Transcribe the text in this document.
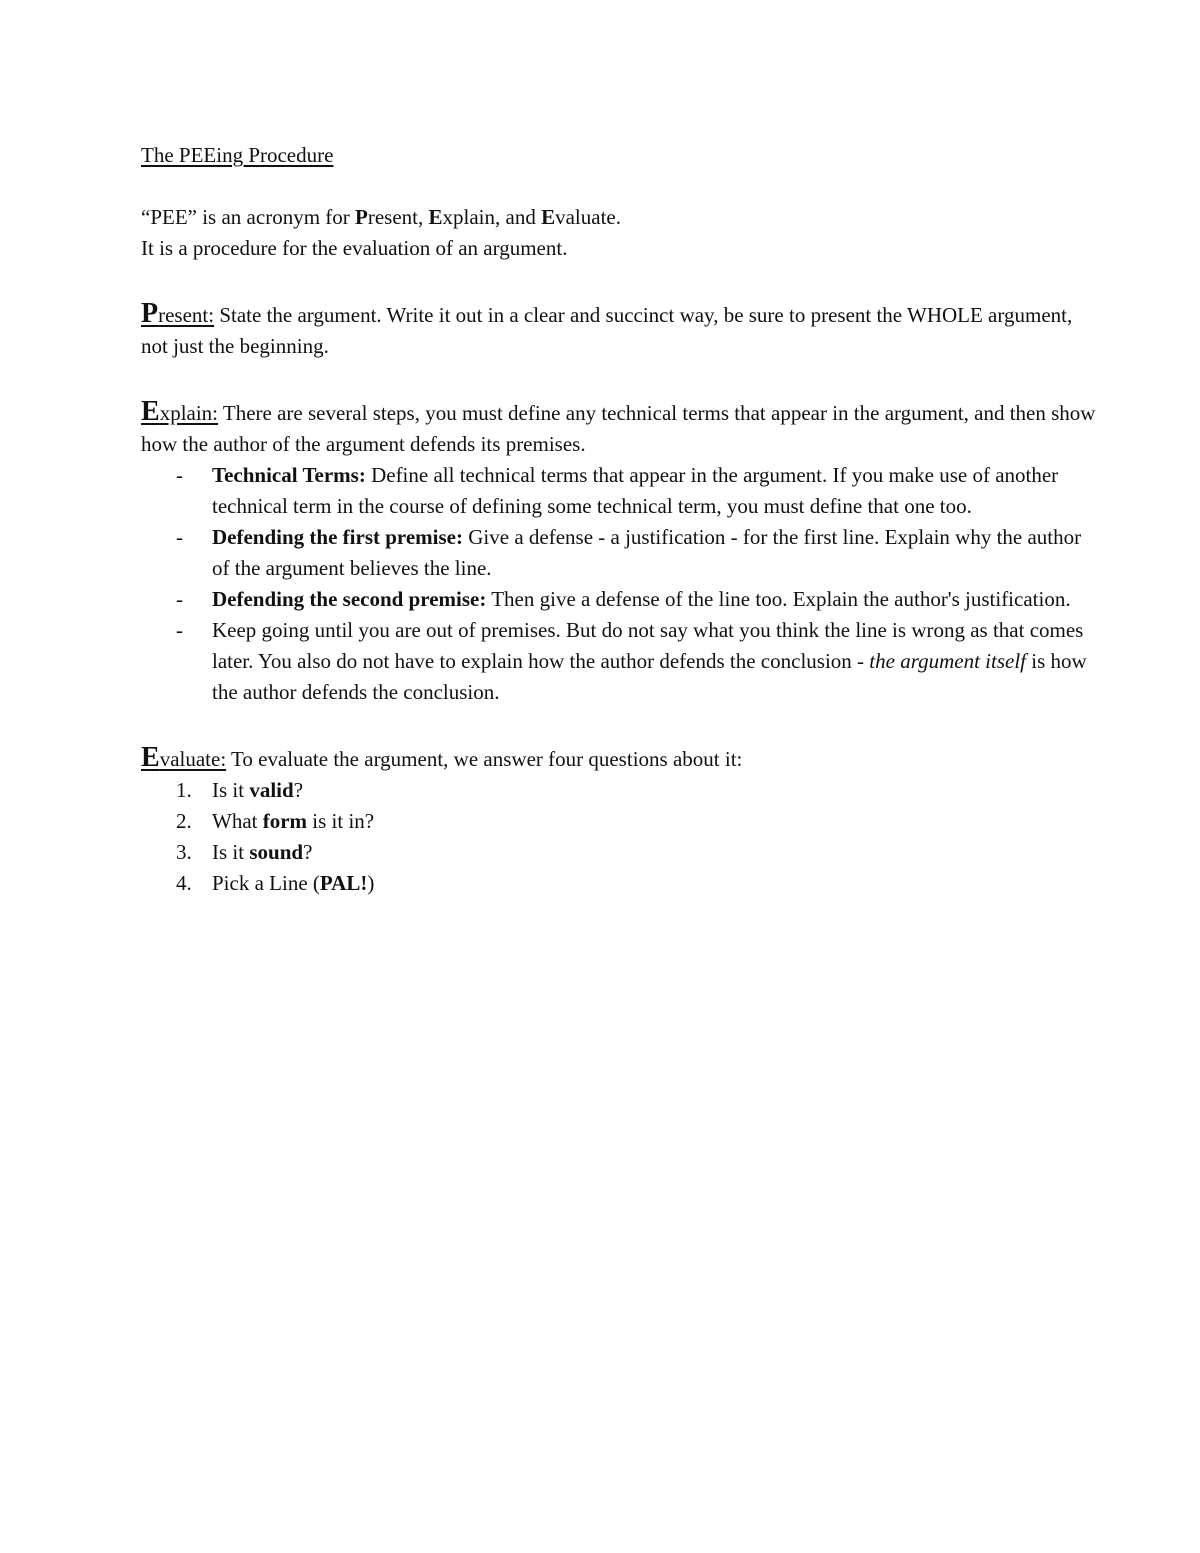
The PEEing Procedure

“PEE” is an acronym for Present, Explain, and Evaluate.

It is a procedure for the evaluation of an argument.

Present: State the argument. Write it out in a clear and succinct way, be sure to present the WHOLE argument, not just the beginning.

Explain: There are several steps, you must define any technical terms that appear in the argument, and then show how the author of the argument defends its premises.

- Technical Terms: Define all technical terms that appear in the argument. If you make use of another technical term in the course of defining some technical term, you must define that one too.
- Defending the first premise: Give a defense - a justification - for the first line. Explain why the author of the argument believes the line.
- Defending the second premise: Then give a defense of the line too. Explain the author's justification.
- Keep going until you are out of premises. But do not say what you think the line is wrong as that comes later. You also do not have to explain how the author defends the conclusion - the argument itself is how the author defends the conclusion.

Evaluate: To evaluate the argument, we answer four questions about it:

1. Is it valid?
2. What form is it in?
3. Is it sound?
4. Pick a Line (PAL!)
